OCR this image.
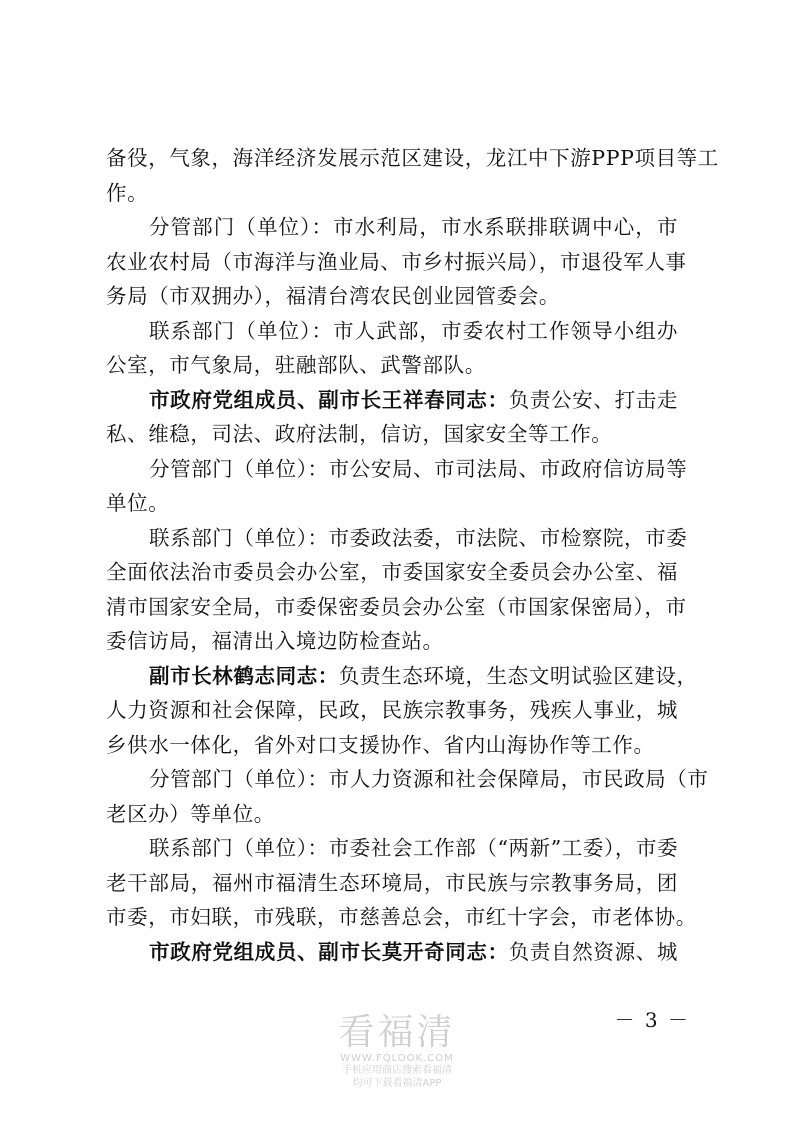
备役，气象，海洋经济发展示范区建设，龙江中下游PPP项目等工
作。
分管部门（单位）：市水利局，市水系联排联调中心，市
农业农村局（市海洋与渔业局、市乡村振兴局），市退役军人事
务局（市双拥办），福清台湾农民创业园管委会。
联系部门（单位）：市人武部，市委农村工作领导小组办
公室，市气象局，驻融部队、武警部队。
市政府党组成员、副市长王祥春同志：负责公安、打击走
私、维稳，司法、政府法制，信访，国家安全等工作。
分管部门（单位）：市公安局、市司法局、市政府信访局等
单位。
联系部门（单位）：市委政法委，市法院、市检察院，市委
全面依法治市委员会办公室，市委国家安全委员会办公室、福
清市国家安全局，市委保密委员会办公室（市国家保密局），市
委信访局，福清出入境边防检查站。
副市长林鹤志同志：负责生态环境，生态文明试验区建设，
人力资源和社会保障，民政，民族宗教事务，残疾人事业，城
乡供水一体化，省外对口支援协作、省内山海协作等工作。
分管部门（单位）：市人力资源和社会保障局，市民政局（市
老区办）等单位。
联系部门（单位）：市委社会工作部（“两新”工委），市委
老干部局，福州市福清生态环境局，市民族与宗教事务局，团
市委，市妇联，市残联，市慈善总会，市红十字会，市老体协。
市政府党组成员、副市长莫开奇同志：负责自然资源、城
－ 3 －
看福清
WWW.FQLOOK.COM
手机应用商店搜索看福清
均可下载看福清APP
